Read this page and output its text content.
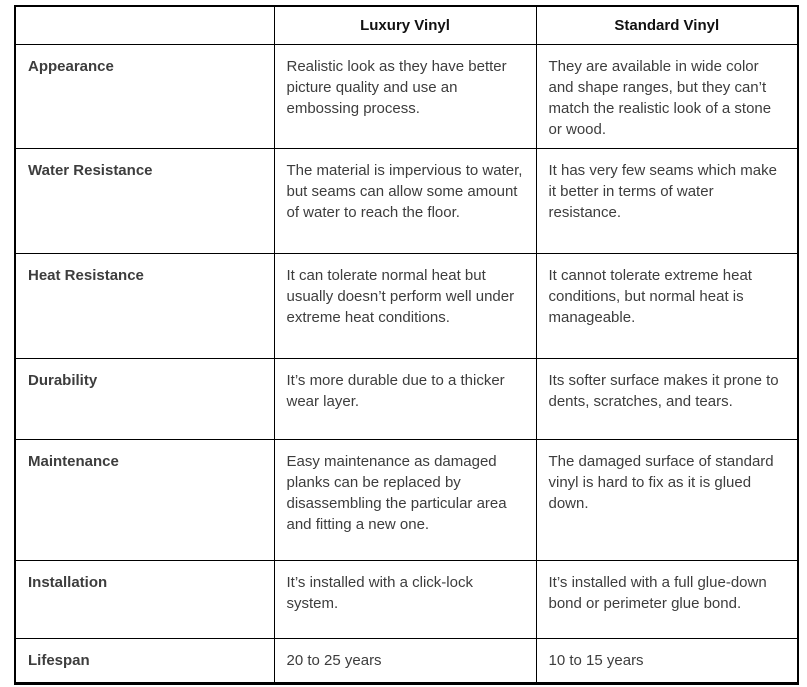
	Luxury Vinyl	Standard Vinyl
Appearance	Realistic look as they have better picture quality and use an embossing process.	They are available in wide color and shape ranges, but they can’t match the realistic look of a stone or wood.
Water Resistance	The material is impervious to water, but seams can allow some amount of water to reach the floor.	It has very few seams which make it better in terms of water resistance.
Heat Resistance	It can tolerate normal heat but usually doesn’t perform well under extreme heat conditions.	It cannot tolerate extreme heat conditions, but normal heat is manageable.
Durability	It’s more durable due to a thicker wear layer.	Its softer surface makes it prone to dents, scratches, and tears.
Maintenance	Easy maintenance as damaged planks can be replaced by disassembling the particular area and fitting a new one.	The damaged surface of standard vinyl is hard to fix as it is glued down.
Installation	It’s installed with a click-lock system.	It’s installed with a full glue-down bond or perimeter glue bond.
Lifespan	20 to 25 years	10 to 15 years
